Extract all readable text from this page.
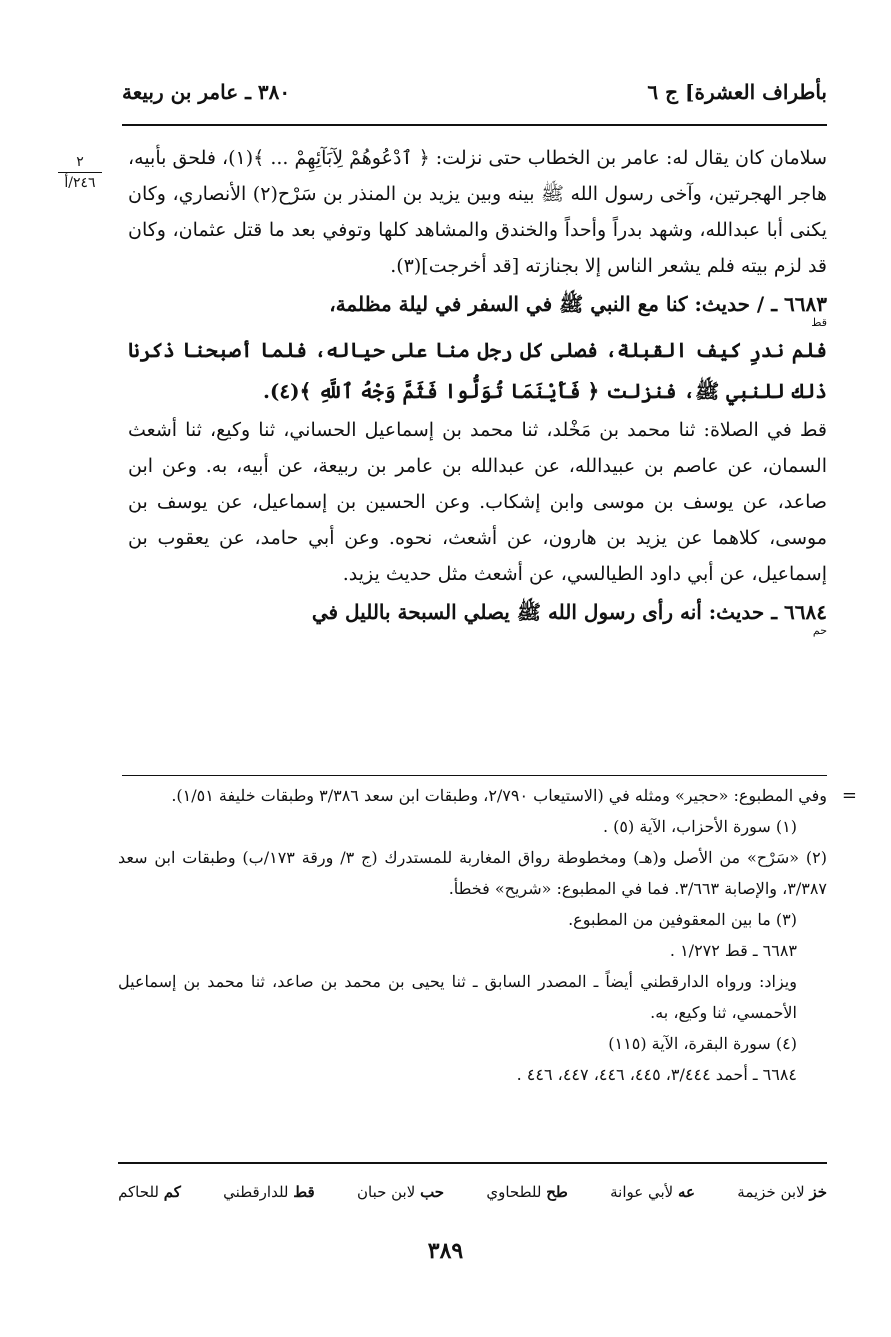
بأطراف العشرة] ج ٦
٣٨٠ ـ عامر بن ربيعة
٢
٢٤٦/أ

سلامان كان يقال له: عامر بن الخطاب حتى نزلت: ﴿ ٱدْعُوهُمْ لِآبَآئِهِمْ ... ﴾(١)، فلحق بأبيه، هاجر الهجرتين، وآخى رسول الله ﷺ بينه وبين يزيد بن المنذر بن سَرْح(٢) الأنصاري، وكان يكنى أبا عبدالله، وشهد بدراً وأحداً والخندق والمشاهد كلها وتوفي بعد ما قتل عثمان، وكان قد لزم بيته فلم يشعر الناس إلا بجنازته [قد أخرجت](٣).

٦٦٨٣ ـ / حديث: كنا مع النبي ﷺ في السفر في ليلة مظلمة،

قط

فلم ندرِ كيف القبلة، فصلى كل رجل منا على حياله، فلما أصبحنا ذكرنا ذلك للنبي ﷺ، فنزلت ﴿ فَأَيْنَمَا تُوَلُّوا فَثَمَّ وَجْهُ ٱللَّهِ ﴾(٤).

قط في الصلاة: ثنا محمد بن مَخْلد، ثنا محمد بن إسماعيل الحساني، ثنا وكيع، ثنا أشعث السمان، عن عاصم بن عبيدالله، عن عبدالله بن عامر بن ربيعة، عن أبيه، به. وعن ابن صاعد، عن يوسف بن موسى وابن إشكاب. وعن الحسين بن إسماعيل، عن يوسف بن موسى، كلاهما عن يزيد بن هارون، عن أشعث، نحوه. وعن أبي حامد، عن يعقوب بن إسماعيل، عن أبي داود الطيالسي، عن أشعث مثل حديث يزيد.

٦٦٨٤ ـ حديث: أنه رأى رسول الله ﷺ يصلي السبحة بالليل في

حم
=

وفي المطبوع: «حجير» ومثله في (الاستيعاب ٢/٧٩٠، وطبقات ابن سعد ٣/٣٨٦ وطبقات خليفة ١/٥١).

(١) سورة الأحزاب، الآية (٥) .

(٢) «سَرْح» من الأصل و(هـ) ومخطوطة رواق المغاربة للمستدرك (ج ٣/ ورقة ١٧٣/ب) وطبقات ابن سعد ٣/٣٨٧، والإصابة ٣/٦٦٣. فما في المطبوع: «شريح» فخطأ.

(٣) ما بين المعقوفين من المطبوع.

٦٦٨٣ ـ قط ١/٢٧٢ .

ويزاد: ورواه الدارقطني أيضاً ـ المصدر السابق ـ ثنا يحيى بن محمد بن صاعد، ثنا محمد بن إسماعيل الأحمسي، ثنا وكيع، به.

(٤) سورة البقرة، الآية (١١٥)

٦٦٨٤ ـ أحمد ٣/٤٤٤، ٤٤٥، ٤٤٦، ٤٤٧، ٤٤٦ .

خز لابن خزيمة
عه لأبي عوانة
طح للطحاوي
حب لابن حبان
قط للدارقطني
كم للحاكم
٣٨٩
